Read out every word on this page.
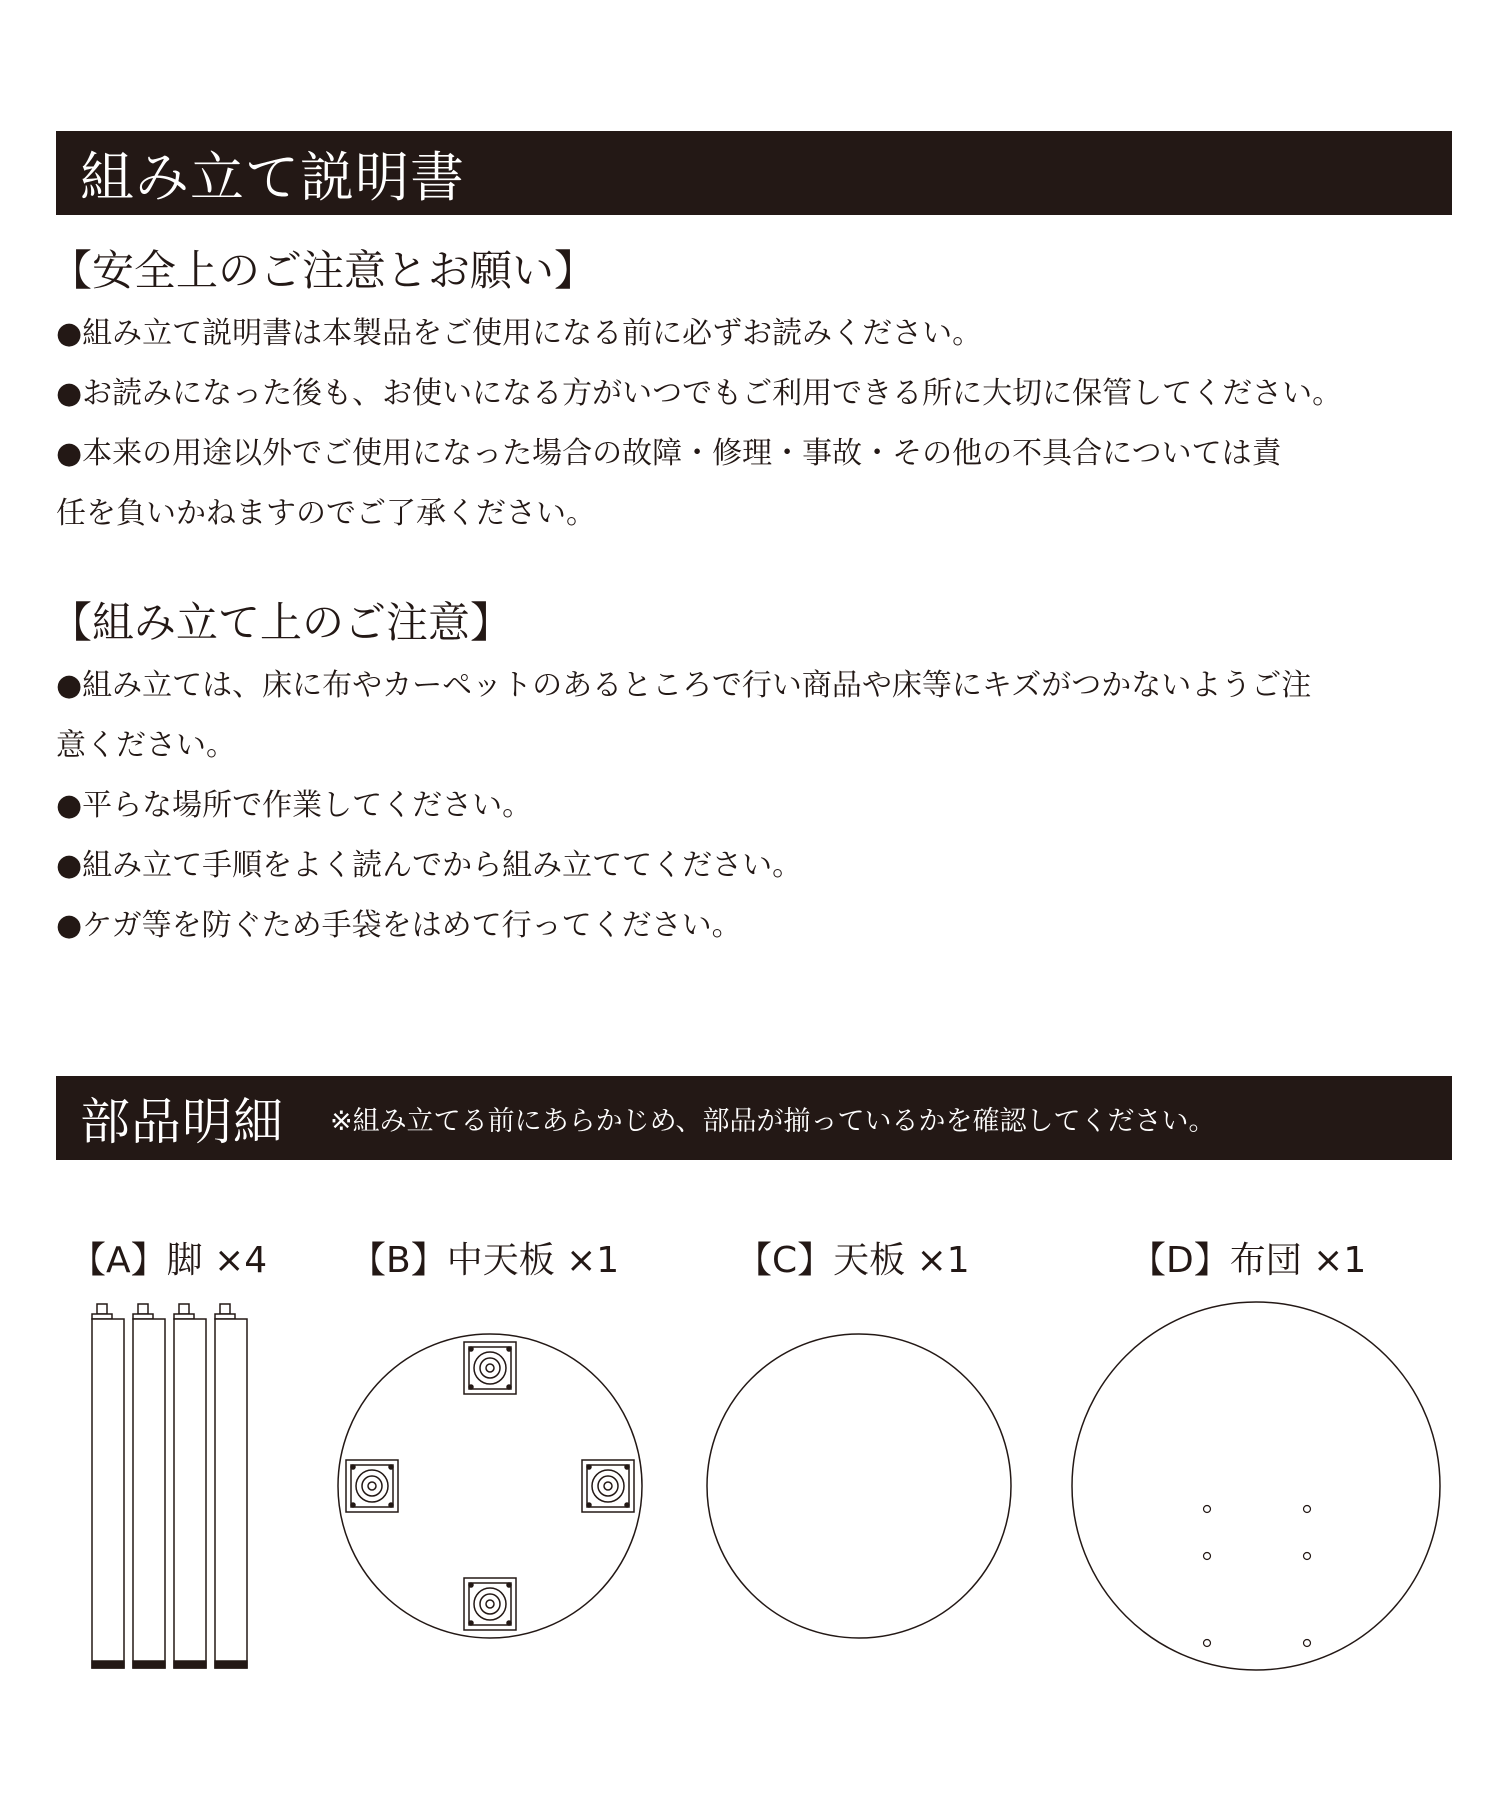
組み立て説明書
【安全上のご注意とお願い】
●組み立て説明書は本製品をご使用になる前に必ずお読みください。
●お読みになった後も、お使いになる方がいつでもご利用できる所に大切に保管してください。
●本来の用途以外でご使用になった場合の故障・修理・事故・その他の不具合については責
任を負いかねますのでご了承ください。
【組み立て上のご注意】
●組み立ては、床に布やカーペットのあるところで行い商品や床等にキズがつかないようご注
意ください。
●平らな場所で作業してください。
●組み立て手順をよく読んでから組み立ててください。
●ケガ等を防ぐため手袋をはめて行ってください。
部品明細 ※組み立てる前にあらかじめ、部品が揃っているかを確認してください。
【A】脚 ×4 【B】中天板 ×1	【C】天板 ×1	【D】布団 ×1
